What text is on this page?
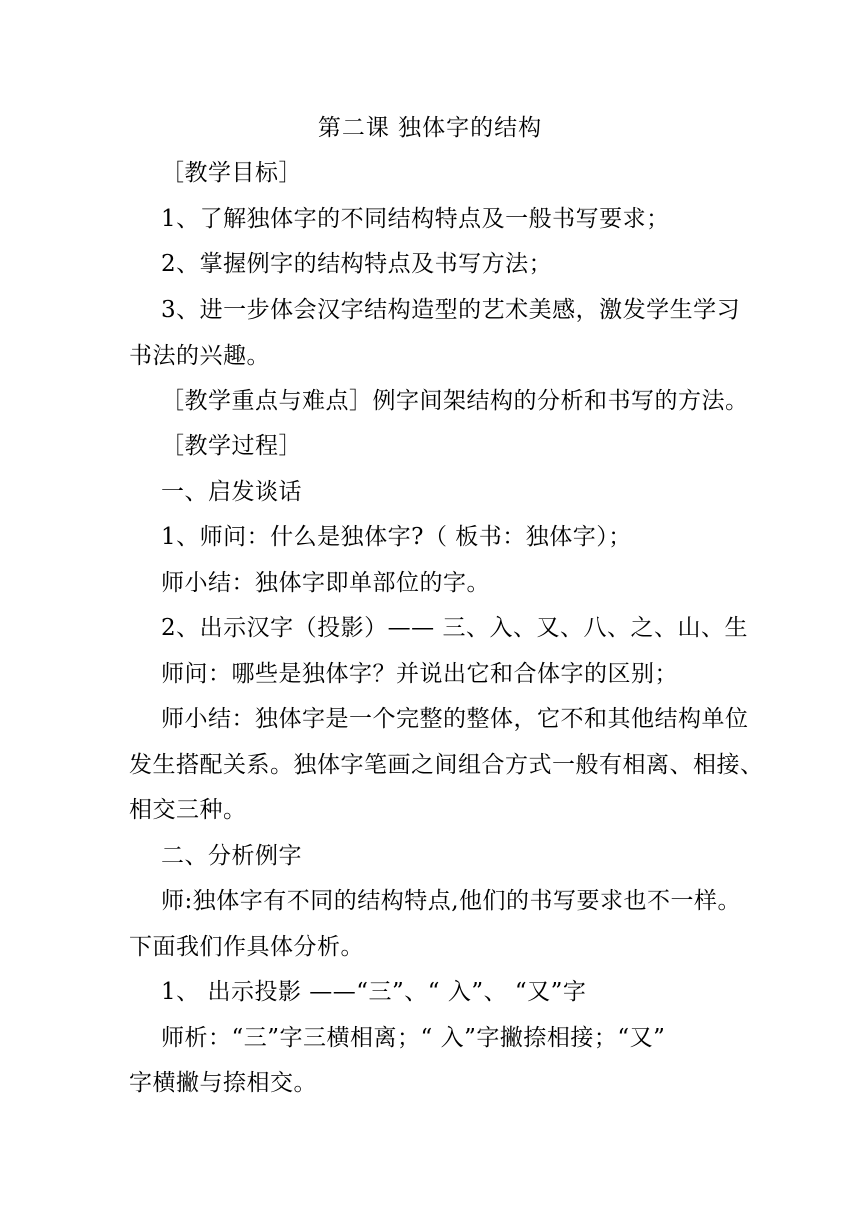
第二课 独体字的结构
［教学目标］
1、了解独体字的不同结构特点及一般书写要求；
2、掌握例字的结构特点及书写方法；
3、进一步体会汉字结构造型的艺术美感，激发学生学习
书法的兴趣。
［教学重点与难点］例字间架结构的分析和书写的方法。
［教学过程］
一、启发谈话
1、师问：什么是独体字?（ 板书：独体字）；
师小结：独体字即单部位的字。
2、出示汉字（投影）—— 三、入、又、八、之、山、生
师问：哪些是独体字？并说出它和合体字的区别；
师小结：独体字是一个完整的整体，它不和其他结构单位
发生搭配关系。独体字笔画之间组合方式一般有相离、相接、
相交三种。
二、分析例字
师:独体字有不同的结构特点,他们的书写要求也不一样。
下面我们作具体分析。
1、 出示投影 ——“三”、“ 入”、 “又”字
师析：“三”字三横相离；“ 入”字撇捺相接；“又”
字横撇与捺相交。
